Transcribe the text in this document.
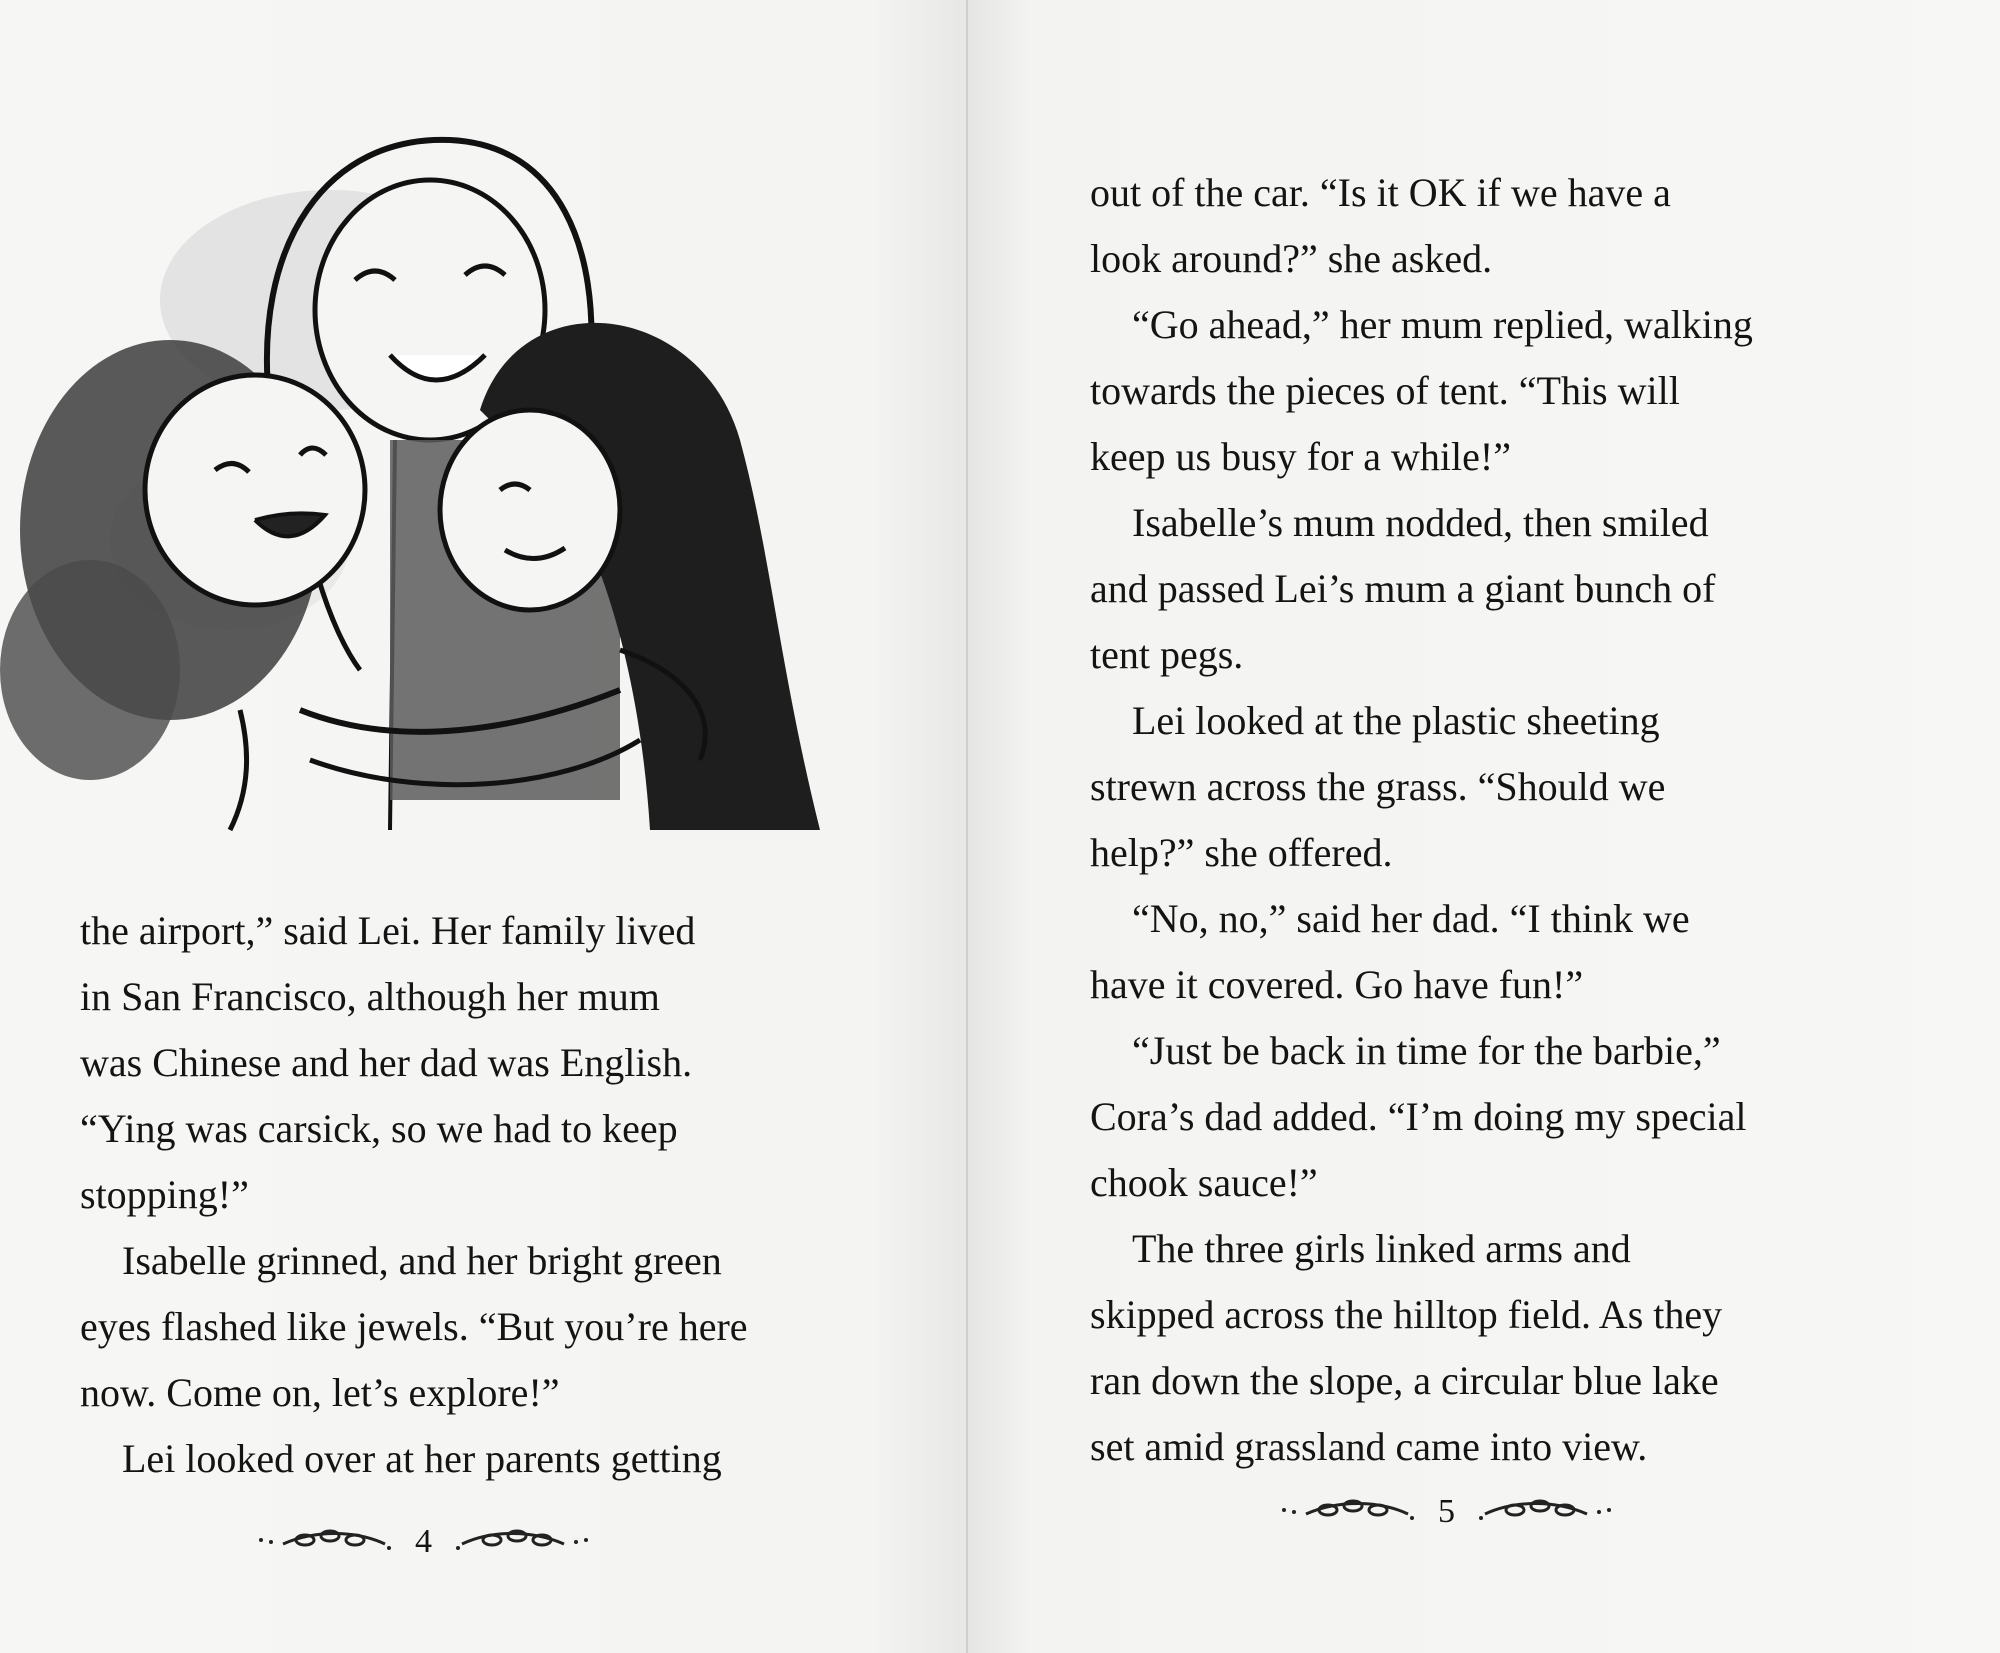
the airport,” said Lei. Her family lived
in San Francisco, although her mum
was Chinese and her dad was English.
“Ying was carsick, so we had to keep
stopping!”

Isabelle grinned, and her bright green
eyes flashed like jewels. “But you’re here
now. Come on, let’s explore!”

Lei looked over at her parents getting

4

out of the car. “Is it OK if we have a
look around?” she asked.

“Go ahead,” her mum replied, walking
towards the pieces of tent. “This will
keep us busy for a while!”

Isabelle’s mum nodded, then smiled
and passed Lei’s mum a giant bunch of
tent pegs.

Lei looked at the plastic sheeting
strewn across the grass. “Should we
help?” she offered.

“No, no,” said her dad. “I think we
have it covered. Go have fun!”

“Just be back in time for the barbie,”
Cora’s dad added. “I’m doing my special
chook sauce!”

The three girls linked arms and
skipped across the hilltop field. As they
ran down the slope, a circular blue lake
set amid grassland came into view.

5
